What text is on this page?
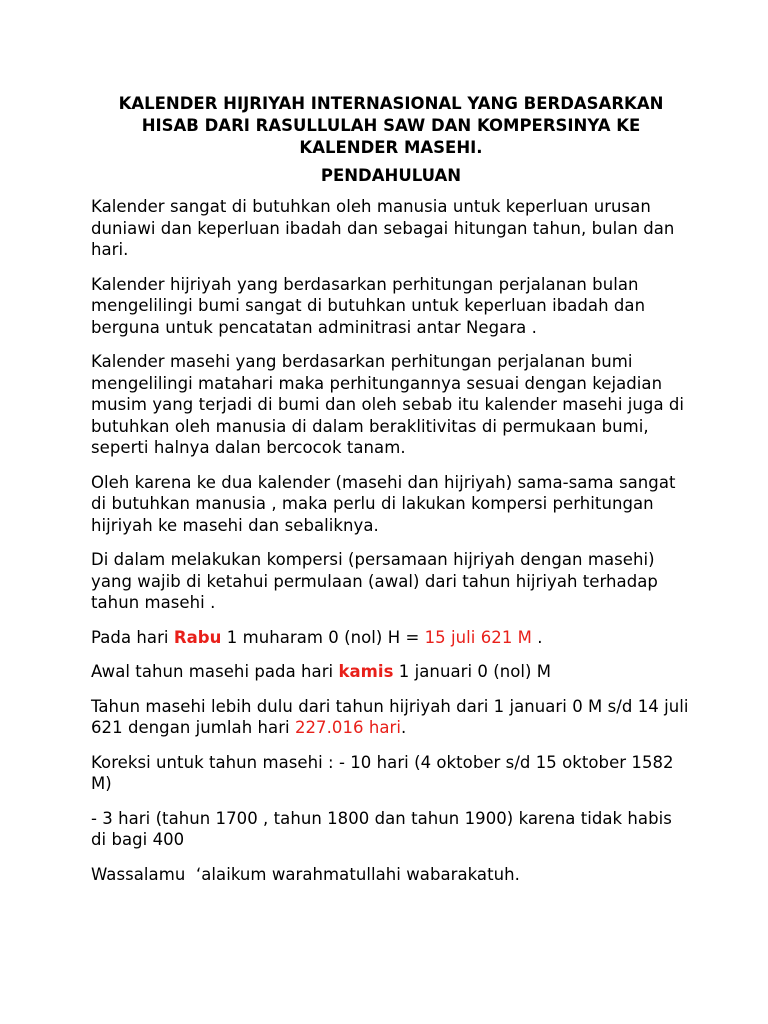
KALENDER HIJRIYAH INTERNASIONAL YANG BERDASARKAN HISAB DARI RASULLULAH SAW DAN KOMPERSINYA KE KALENDER MASEHI.
PENDAHULUAN

Kalender sangat di butuhkan oleh manusia untuk keperluan urusan duniawi dan keperluan ibadah dan sebagai hitungan tahun, bulan dan hari.

Kalender hijriyah yang berdasarkan perhitungan perjalanan bulan mengelilingi bumi sangat di butuhkan untuk keperluan ibadah dan berguna untuk pencatatan adminitrasi antar Negara .

Kalender masehi yang berdasarkan perhitungan perjalanan bumi mengelilingi matahari maka perhitungannya sesuai dengan kejadian musim yang terjadi di bumi dan oleh sebab itu kalender masehi juga di butuhkan oleh manusia di dalam beraklitivitas di permukaan bumi, seperti halnya dalan bercocok tanam.

Oleh karena ke dua kalender (masehi dan hijriyah) sama-sama sangat di butuhkan manusia , maka perlu di lakukan kompersi perhitungan hijriyah ke masehi dan sebaliknya.

Di dalam melakukan kompersi (persamaan hijriyah dengan masehi) yang wajib di ketahui permulaan (awal) dari tahun hijriyah terhadap tahun masehi .

Pada hari Rabu 1 muharam 0 (nol) H = 15 juli 621 M .

Awal tahun masehi pada hari kamis 1 januari 0 (nol) M

Tahun masehi lebih dulu dari tahun hijriyah dari 1 januari 0 M s/d 14 juli 621 dengan jumlah hari 227.016 hari.

Koreksi untuk tahun masehi : - 10 hari (4 oktober s/d 15 oktober 1582 M)

- 3 hari (tahun 1700 , tahun 1800 dan tahun 1900) karena tidak habis di bagi 400

Wassalamu  ‘alaikum warahmatullahi wabarakatuh.
